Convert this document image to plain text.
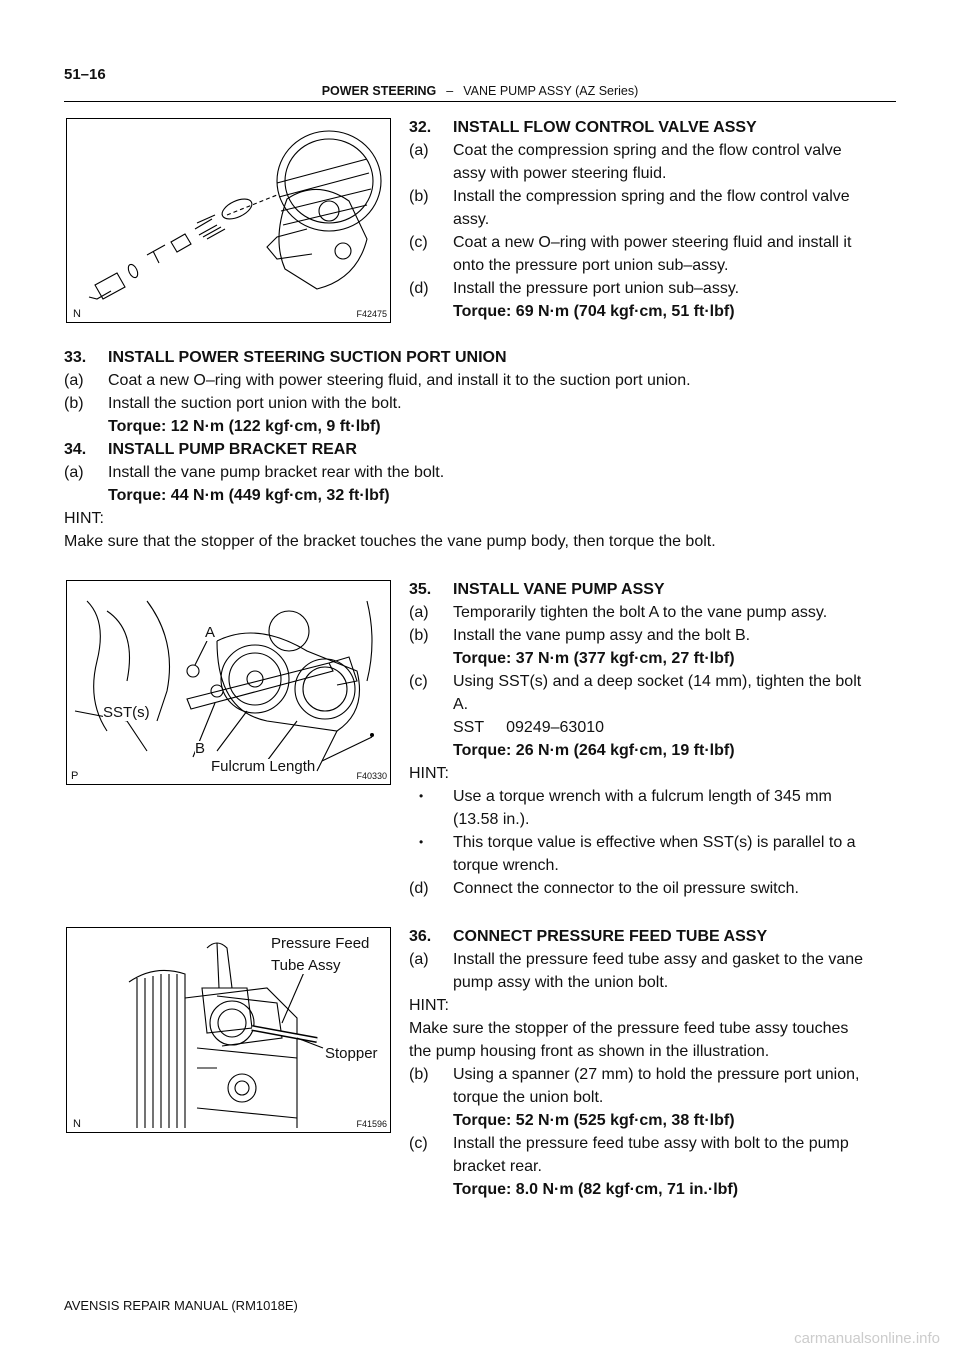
51–16
POWER STEERING – VANE PUMP ASSY (AZ Series)
N	F42475
32. INSTALL FLOW CONTROL VALVE ASSY
(a) Coat the compression spring and the flow control valve
assy with power steering fluid.
(b) Install the compression spring and the flow control valve
assy.
(c) Coat a new O–ring with power steering fluid and install it
onto the pressure port union sub–assy.
(d) Install the pressure port union sub–assy.
Torque: 69 N·m (704 kgf·cm, 51 ft·lbf)
33. INSTALL POWER STEERING SUCTION PORT UNION
(a) Coat a new O–ring with power steering fluid, and install it to the suction port union.
(b) Install the suction port union with the bolt.
Torque: 12 N·m (122 kgf·cm, 9 ft·lbf)
34. INSTALL PUMP BRACKET REAR
(a) Install the vane pump bracket rear with the bolt.
Torque: 44 N·m (449 kgf·cm, 32 ft·lbf)
HINT:
Make sure that the stopper of the bracket touches the vane pump body, then torque the bolt.
A
SST(s)
B
Fulcrum Length
P	F40330
35. INSTALL VANE PUMP ASSY
(a) Temporarily tighten the bolt A to the vane pump assy.
(b) Install the vane pump assy and the bolt B.
Torque: 37 N·m (377 kgf·cm, 27 ft·lbf)
(c) Using SST(s) and a deep socket (14 mm), tighten the bolt
A.
SST 09249–63010
Torque: 26 N·m (264 kgf·cm, 19 ft·lbf)
HINT:
• Use a torque wrench with a fulcrum length of 345 mm
(13.58 in.).
• This torque value is effective when SST(s) is parallel to a
torque wrench.
(d) Connect the connector to the oil pressure switch.
Pressure Feed
Tube Assy
Stopper
N	F41596
36. CONNECT PRESSURE FEED TUBE ASSY
(a) Install the pressure feed tube assy and gasket to the vane
pump assy with the union bolt.
HINT:
Make sure the stopper of the pressure feed tube assy touches
the pump housing front as shown in the illustration.
(b) Using a spanner (27 mm) to hold the pressure port union,
torque the union bolt.
Torque: 52 N·m (525 kgf·cm, 38 ft·lbf)
(c) Install the pressure feed tube assy with bolt to the pump
bracket rear.
Torque: 8.0 N·m (82 kgf·cm, 71 in.·lbf)
AVENSIS REPAIR MANUAL (RM1018E)
carmanualsonline.info
